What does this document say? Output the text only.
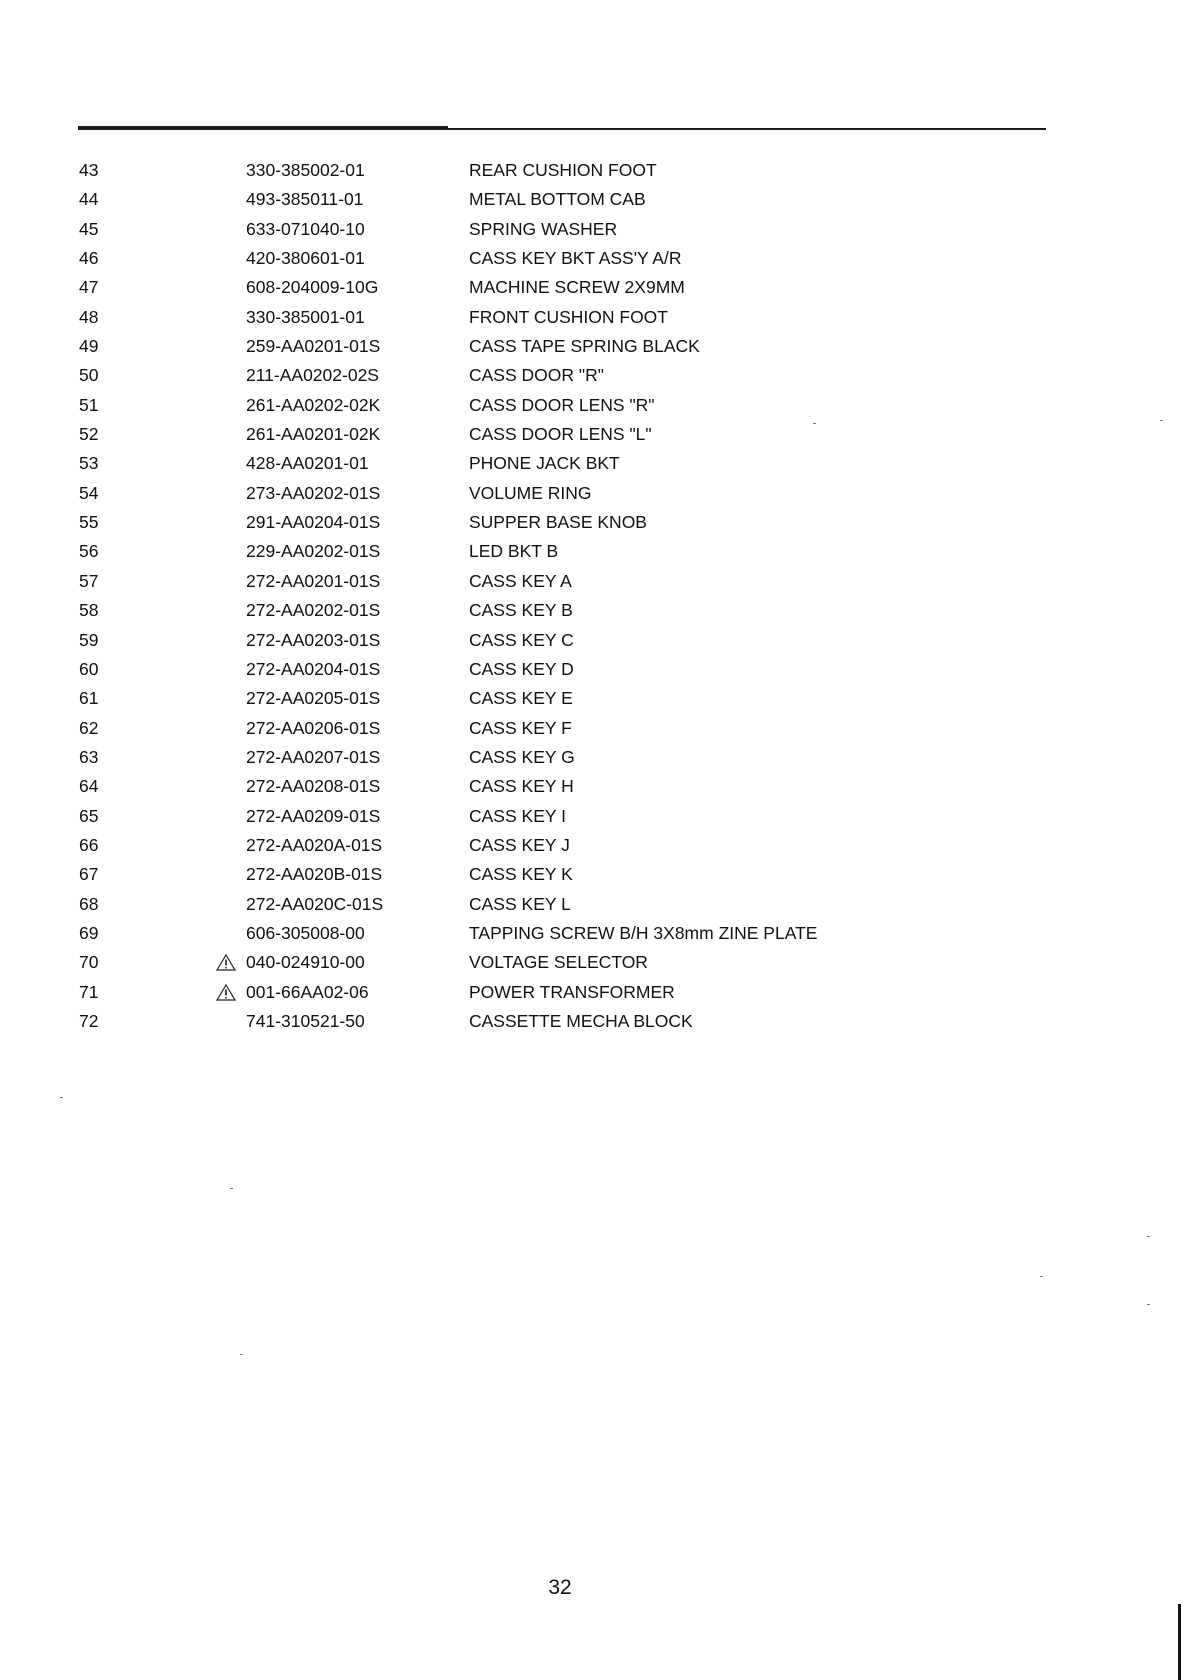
43	330-385002-01	REAR CUSHION FOOT
44	493-385011-01	METAL BOTTOM CAB
45	633-071040-10	SPRING WASHER
46	420-380601-01	CASS KEY BKT ASS'Y A/R
47	608-204009-10G	MACHINE SCREW 2X9MM
48	330-385001-01	FRONT CUSHION FOOT
49	259-AA0201-01S	CASS TAPE SPRING BLACK
50	211-AA0202-02S	CASS DOOR "R"
51	261-AA0202-02K	CASS DOOR LENS "R"
52	261-AA0201-02K	CASS DOOR LENS "L"
53	428-AA0201-01	PHONE JACK BKT
54	273-AA0202-01S	VOLUME RING
55	291-AA0204-01S	SUPPER BASE KNOB
56	229-AA0202-01S	LED BKT B
57	272-AA0201-01S	CASS KEY A
58	272-AA0202-01S	CASS KEY B
59	272-AA0203-01S	CASS KEY C
60	272-AA0204-01S	CASS KEY D
61	272-AA0205-01S	CASS KEY E
62	272-AA0206-01S	CASS KEY F
63	272-AA0207-01S	CASS KEY G
64	272-AA0208-01S	CASS KEY H
65	272-AA0209-01S	CASS KEY I
66	272-AA020A-01S	CASS KEY J
67	272-AA020B-01S	CASS KEY K
68	272-AA020C-01S	CASS KEY L
69	606-305008-00	TAPPING SCREW B/H 3X8mm ZINE PLATE
70	040-024910-00	VOLTAGE SELECTOR
71	001-66AA02-06	POWER TRANSFORMER
72	741-310521-50	CASSETTE MECHA BLOCK
32
